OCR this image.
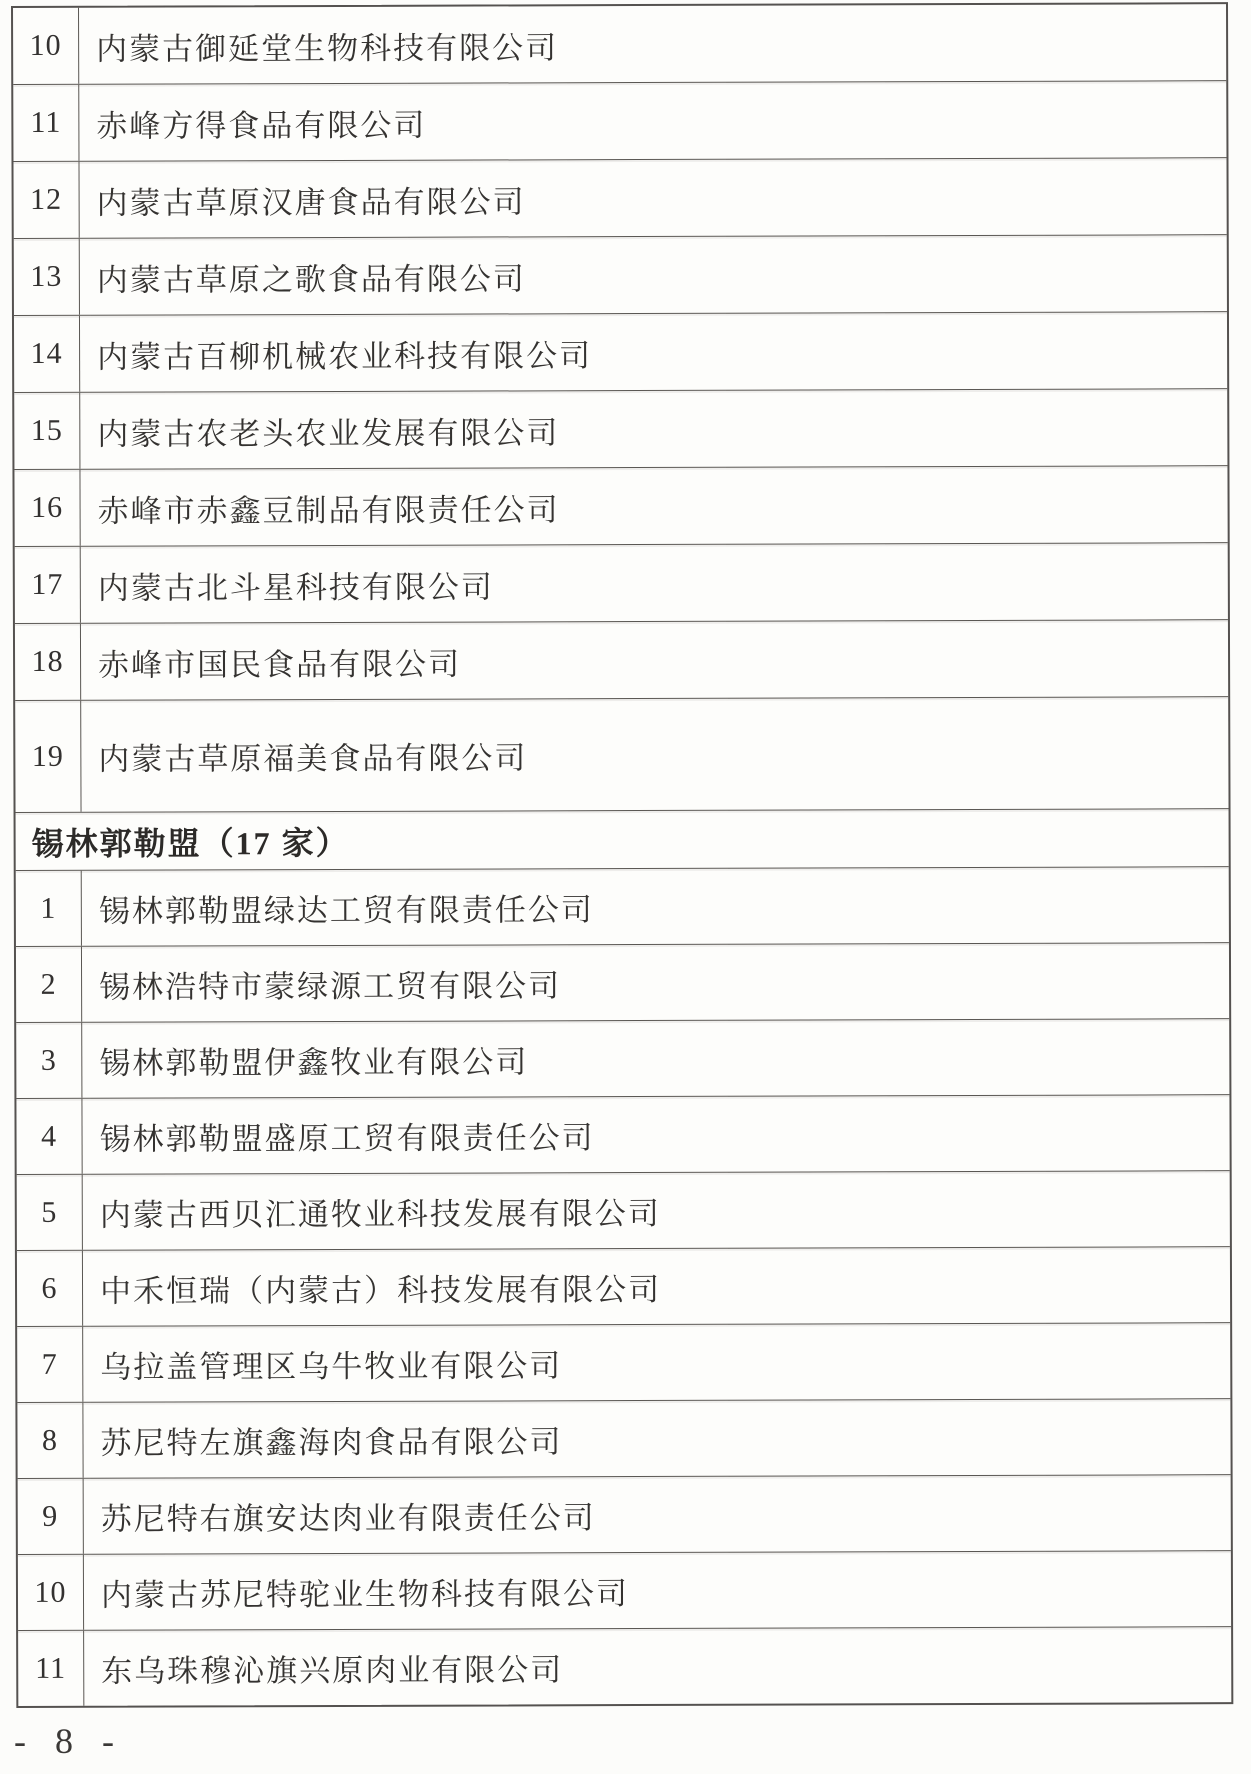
10	内蒙古御延堂生物科技有限公司
11	赤峰方得食品有限公司
12	内蒙古草原汉唐食品有限公司
13	内蒙古草原之歌食品有限公司
14	内蒙古百柳机械农业科技有限公司
15	内蒙古农老头农业发展有限公司
16	赤峰市赤鑫豆制品有限责任公司
17	内蒙古北斗星科技有限公司
18	赤峰市国民食品有限公司
19	内蒙古草原福美食品有限公司
锡林郭勒盟（17 家）
1	锡林郭勒盟绿达工贸有限责任公司
2	锡林浩特市蒙绿源工贸有限公司
3	锡林郭勒盟伊鑫牧业有限公司
4	锡林郭勒盟盛原工贸有限责任公司
5	内蒙古西贝汇通牧业科技发展有限公司
6	中禾恒瑞（内蒙古）科技发展有限公司
7	乌拉盖管理区乌牛牧业有限公司
8	苏尼特左旗鑫海肉食品有限公司
9	苏尼特右旗安达肉业有限责任公司
10	内蒙古苏尼特驼业生物科技有限公司
11	东乌珠穆沁旗兴原肉业有限公司
- 8 -
